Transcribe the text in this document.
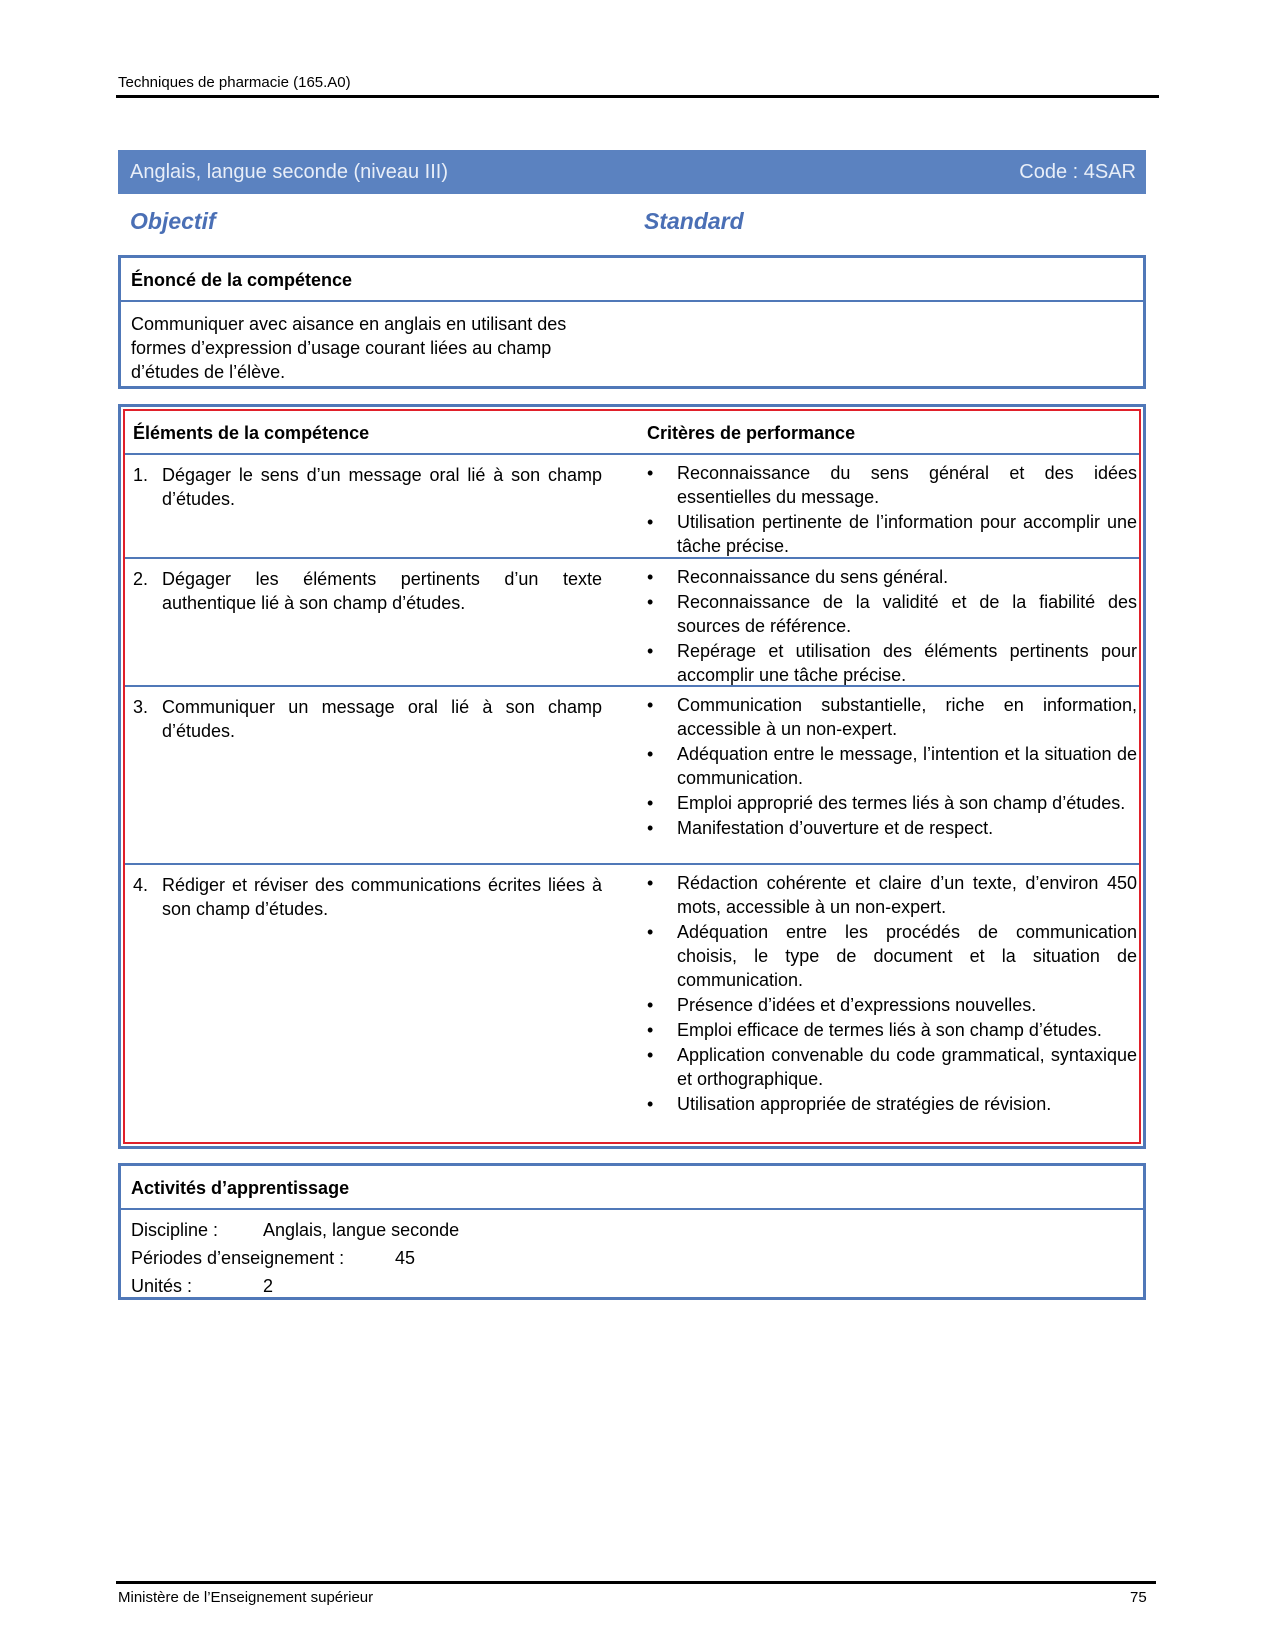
Techniques de pharmacie (165.A0)
Anglais, langue seconde (niveau III)	Code : 4SAR
Objectif	Standard
Énoncé de la compétence
Communiquer avec aisance en anglais en utilisant des formes d’expression d’usage courant liées au champ d’études de l’élève.
Éléments de la compétence	Critères de performance
1. Dégager le sens d’un message oral lié à son champ d’études.
• Reconnaissance du sens général et des idées essentielles du message.
• Utilisation pertinente de l’information pour accomplir une tâche précise.
2. Dégager les éléments pertinents d’un texte authentique lié à son champ d’études.
• Reconnaissance du sens général.
• Reconnaissance de la validité et de la fiabilité des sources de référence.
• Repérage et utilisation des éléments pertinents pour accomplir une tâche précise.
3. Communiquer un message oral lié à son champ d’études.
• Communication substantielle, riche en information, accessible à un non-expert.
• Adéquation entre le message, l’intention et la situation de communication.
• Emploi approprié des termes liés à son champ d’études.
• Manifestation d’ouverture et de respect.
4. Rédiger et réviser des communications écrites liées à son champ d’études.
• Rédaction cohérente et claire d’un texte, d’environ 450 mots, accessible à un non-expert.
• Adéquation entre les procédés de communication choisis, le type de document et la situation de communication.
• Présence d’idées et d’expressions nouvelles.
• Emploi efficace de termes liés à son champ d’études.
• Application convenable du code grammatical, syntaxique et orthographique.
• Utilisation appropriée de stratégies de révision.
Activités d’apprentissage
Discipline : Anglais, langue seconde
Périodes d’enseignement :	45
Unités :	2
Ministère de l’Enseignement supérieur	75
